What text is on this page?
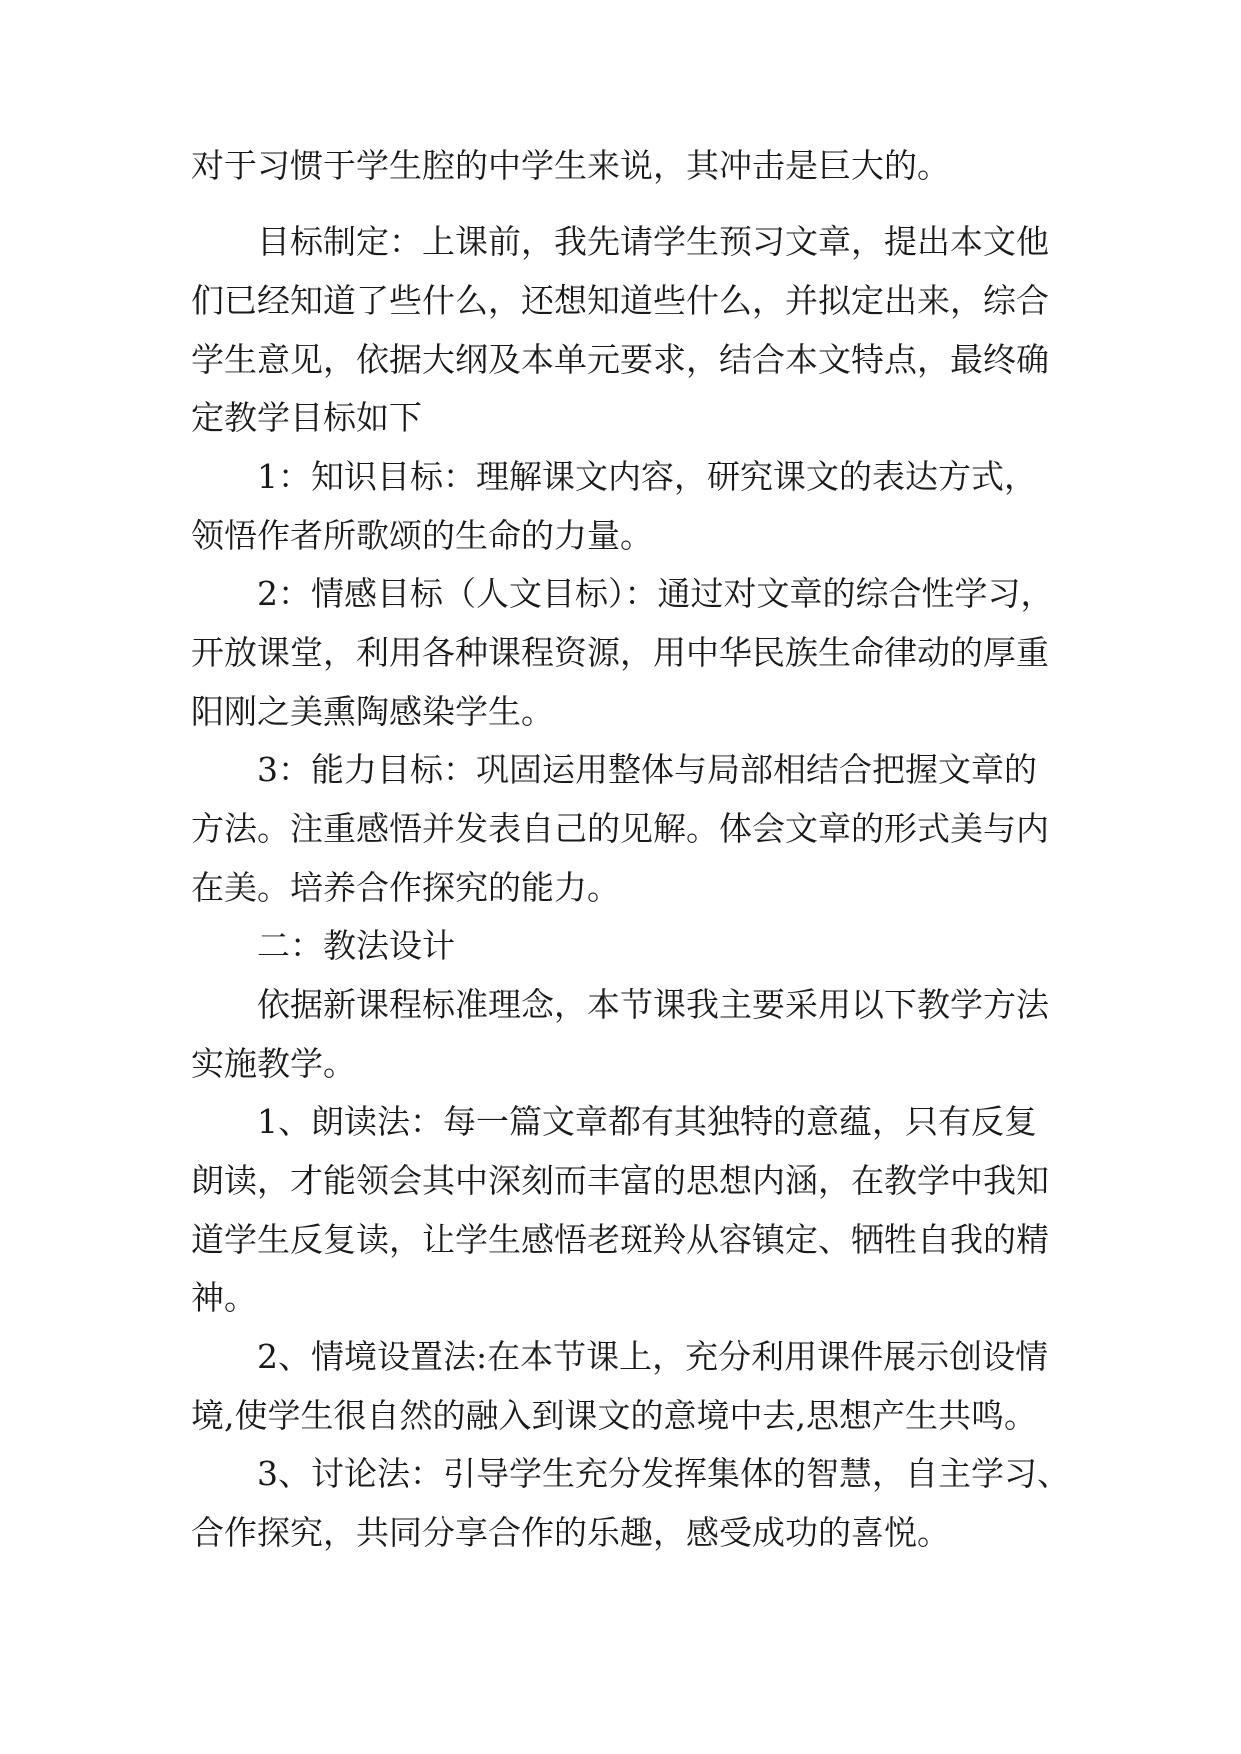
对于习惯于学生腔的中学生来说，其冲击是巨大的。

目标制定：上课前，我先请学生预习文章，提出本文他

们已经知道了些什么，还想知道些什么，并拟定出来，综合

学生意见，依据大纲及本单元要求，结合本文特点，最终确

定教学目标如下

1：知识目标：理解课文内容，研究课文的表达方式，

领悟作者所歌颂的生命的力量。

2：情感目标（人文目标）：通过对文章的综合性学习，

开放课堂，利用各种课程资源，用中华民族生命律动的厚重

阳刚之美熏陶感染学生。

3：能力目标：巩固运用整体与局部相结合把握文章的

方法。注重感悟并发表自己的见解。体会文章的形式美与内

在美。培养合作探究的能力。

二：教法设计

依据新课程标准理念，本节课我主要采用以下教学方法

实施教学。

1、朗读法：每一篇文章都有其独特的意蕴，只有反复

朗读，才能领会其中深刻而丰富的思想内涵，在教学中我知

道学生反复读，让学生感悟老斑羚从容镇定、牺牲自我的精

神。

2、情境设置法:在本节课上，充分利用课件展示创设情

境,使学生很自然的融入到课文的意境中去,思想产生共鸣。

3、讨论法：引导学生充分发挥集体的智慧，自主学习、

合作探究，共同分享合作的乐趣，感受成功的喜悦。
